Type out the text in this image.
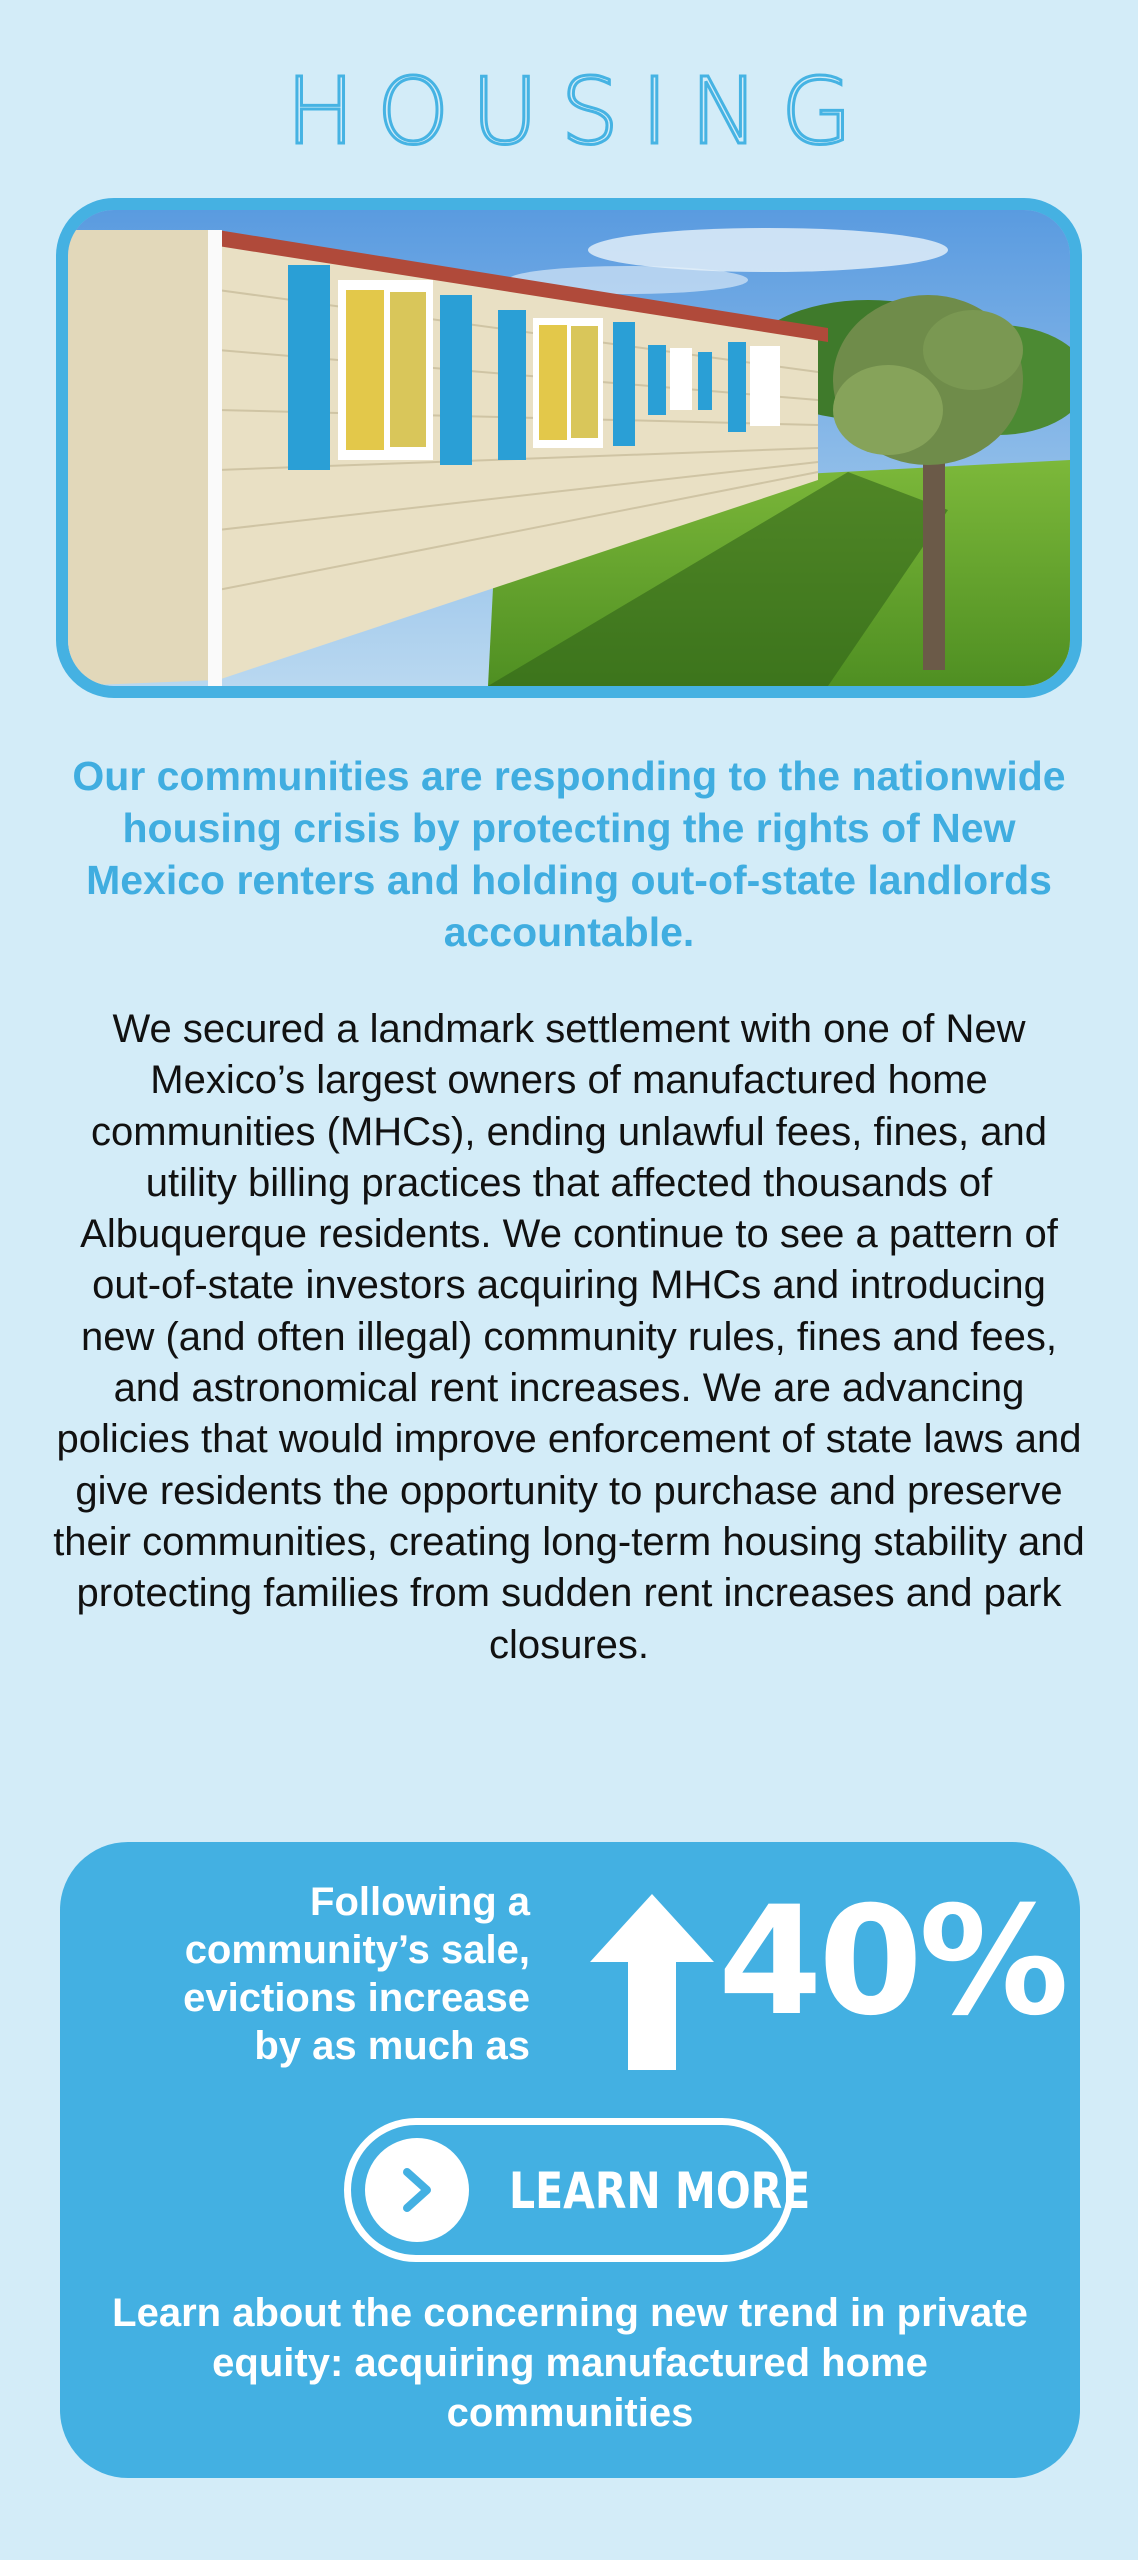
HOUSING
Our communities are responding to the nationwide housing crisis by protecting the rights of New Mexico renters and holding out-of-state landlords accountable.
We secured a landmark settlement with one of New Mexico’s largest owners of manufactured home communities (MHCs), ending unlawful fees, fines, and utility billing practices that affected thousands of Albuquerque residents. We continue to see a pattern of out-of-state investors acquiring MHCs and introducing new (and often illegal) community rules, fines and fees, and astronomical rent increases. We are advancing policies that would improve enforcement of state laws and give residents the opportunity to purchase and preserve their communities, creating long-term housing stability and protecting families from sudden rent increases and park closures.
Following a community’s sale, evictions increase by as much as 40%
LEARN MORE
Learn about the concerning new trend in private equity: acquiring manufactured home communities
